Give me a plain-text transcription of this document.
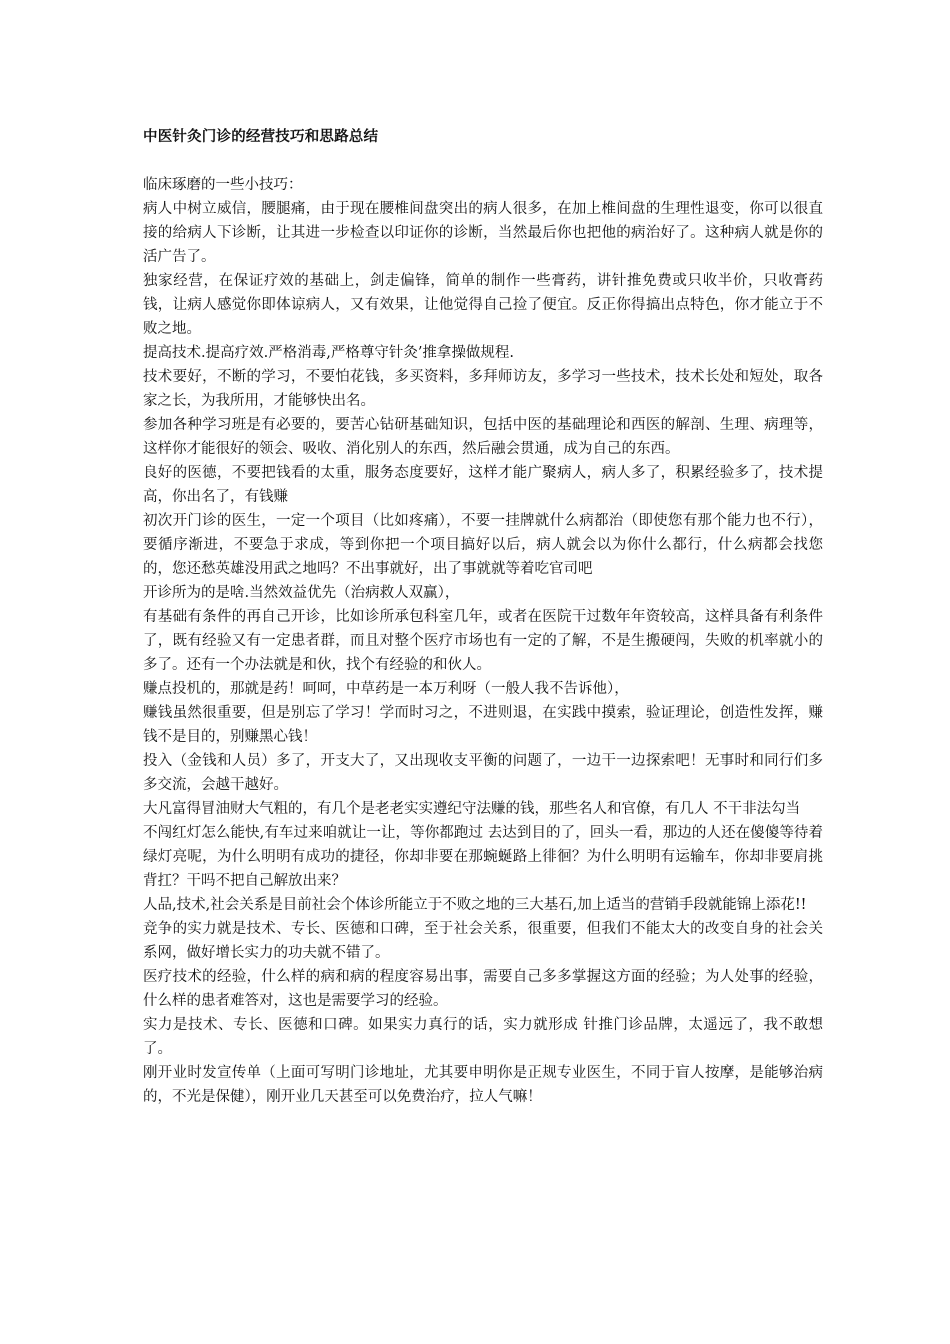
中医针灸门诊的经营技巧和思路总结
临床琢磨的一些小技巧：

病人中树立威信，腰腿痛，由于现在腰椎间盘突出的病人很多，在加上椎间盘的生理性退变，你可以很直接的给病人下诊断，让其进一步检查以印证你的诊断，当然最后你也把他的病治好了。这种病人就是你的活广告了。

独家经营，在保证疗效的基础上，剑走偏锋，简单的制作一些膏药，讲针推免费或只收半价，只收膏药钱，让病人感觉你即体谅病人，又有效果，让他觉得自己捡了便宜。反正你得搞出点特色，你才能立于不败之地。

提高技术.提高疗效.严格消毒,严格尊守针灸’推拿操做规程.

技术要好，不断的学习，不要怕花钱，多买资料，多拜师访友，多学习一些技术，技术长处和短处，取各家之长，为我所用，才能够快出名。

参加各种学习班是有必要的，要苦心钻研基础知识，包括中医的基础理论和西医的解剖、生理、病理等，这样你才能很好的领会、吸收、消化别人的东西，然后融会贯通，成为自己的东西。

良好的医德，不要把钱看的太重，服务态度要好，这样才能广聚病人，病人多了，积累经验多了，技术提高，你出名了，有钱赚

初次开门诊的医生，一定一个项目（比如疼痛），不要一挂牌就什么病都治（即使您有那个能力也不行），要循序渐进，不要急于求成，等到你把一个项目搞好以后，病人就会以为你什么都行，什么病都会找您的，您还愁英雄没用武之地吗？不出事就好，出了事就就等着吃官司吧

开诊所为的是啥.当然效益优先（治病救人双赢），

有基础有条件的再自己开诊，比如诊所承包科室几年，或者在医院干过数年年资较高，这样具备有利条件了，既有经验又有一定患者群，而且对整个医疗市场也有一定的了解，不是生搬硬闯，失败的机率就小的多了。还有一个办法就是和伙，找个有经验的和伙人。

赚点投机的，那就是药！呵呵，中草药是一本万利呀（一般人我不告诉他），

赚钱虽然很重要，但是别忘了学习！学而时习之，不进则退，在实践中摸索，验证理论，创造性发挥，赚钱不是目的，别赚黑心钱！

投入（金钱和人员）多了，开支大了，又出现收支平衡的问题了，一边干一边探索吧！无事时和同行们多多交流，会越干越好。

大凡富得冒油财大气粗的，有几个是老老实实遵纪守法赚的钱，那些名人和官僚，有几人 不干非法勾当

不闯红灯怎么能快,有车过来咱就让一让，等你都跑过 去达到目的了，回头一看，那边的人还在傻傻等待着绿灯亮呢，为什么明明有成功的捷径，你却非要在那蜿蜒路上徘徊？为什么明明有运输车，你却非要肩挑背扛？干吗不把自己解放出来？

人品,技术,社会关系是目前社会个体诊所能立于不败之地的三大基石,加上适当的营销手段就能锦上添花!!

竞争的实力就是技术、专长、医德和口碑，至于社会关系，很重要，但我们不能太大的改变自身的社会关系网，做好增长实力的功夫就不错了。

医疗技术的经验，什么样的病和病的程度容易出事，需要自己多多掌握这方面的经验；为人处事的经验，什么样的患者难答对，这也是需要学习的经验。

实力是技术、专长、医德和口碑。如果实力真行的话，实力就形成 针推门诊品牌，太遥远了，我不敢想了。

刚开业时发宣传单（上面可写明门诊地址，尤其要申明你是正规专业医生，不同于盲人按摩，是能够治病的，不光是保健），刚开业几天甚至可以免费治疗，拉人气嘛！
